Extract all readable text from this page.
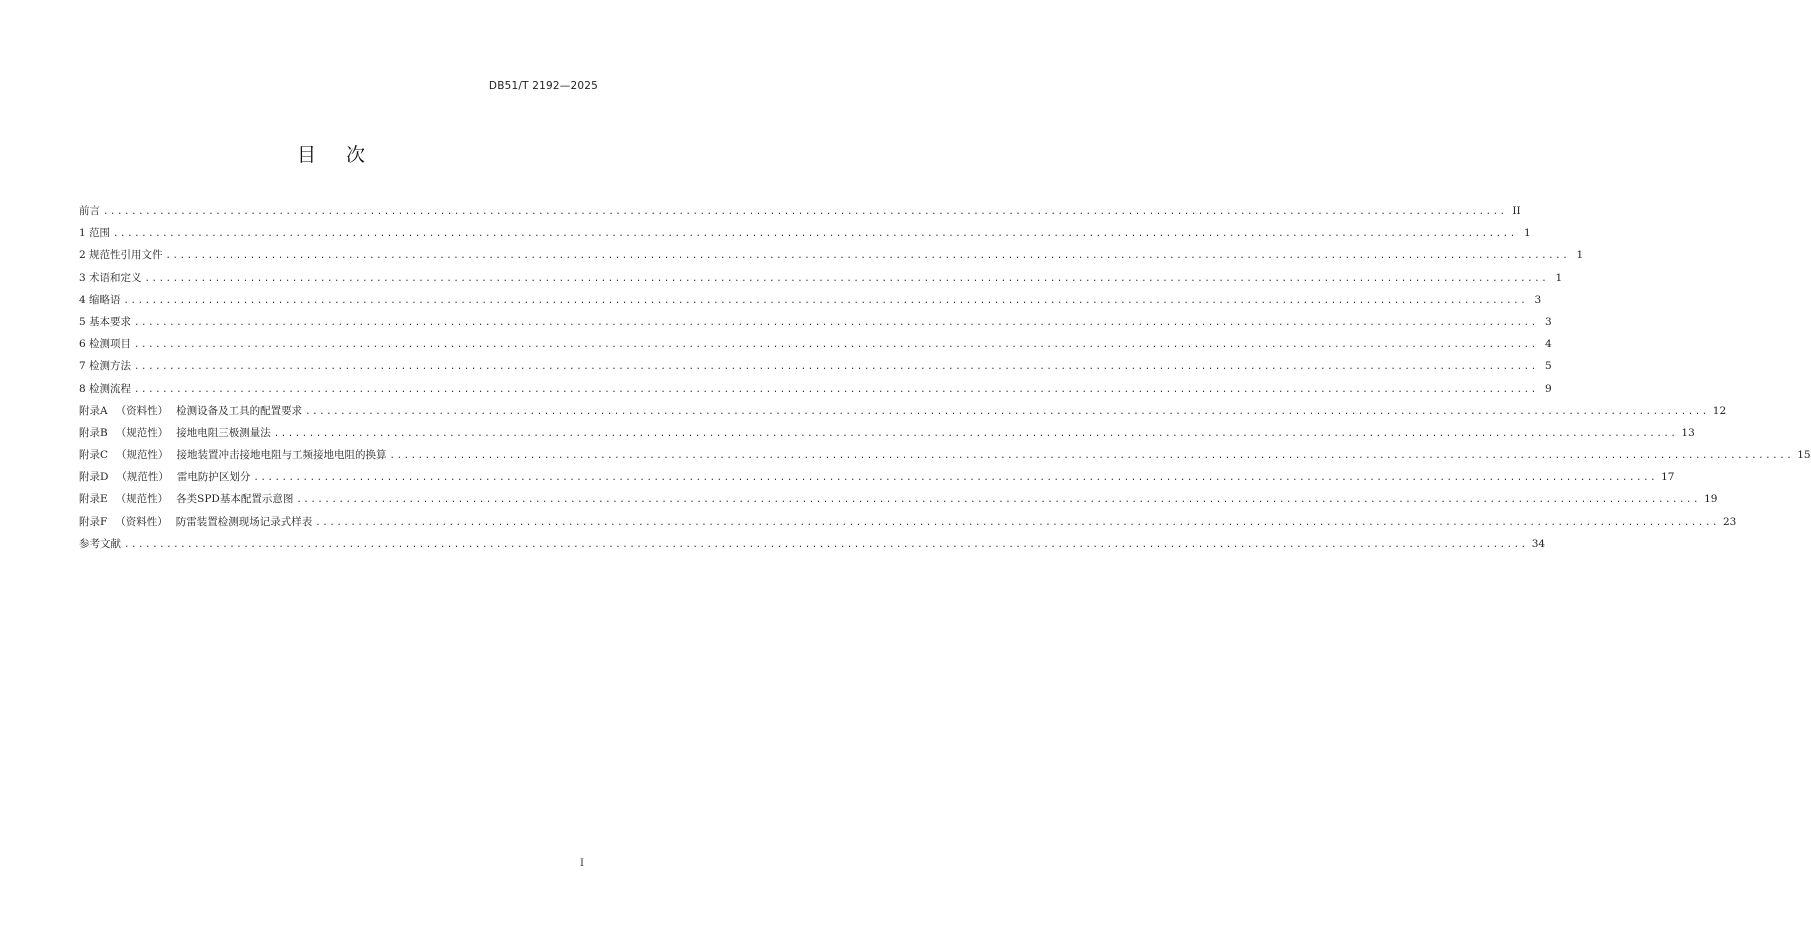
DB51/T 2192—2025
目次
前言 ........................................................................................................................................................................................................ II
1 范围 ........................................................................................................................................................................................................ 1
2 规范性引用文件 ........................................................................................................................................................................................................ 1
3 术语和定义 ........................................................................................................................................................................................................ 1
4 缩略语 ........................................................................................................................................................................................................ 3
5 基本要求 ........................................................................................................................................................................................................ 3
6 检测项目 ........................................................................................................................................................................................................ 4
7 检测方法 ........................................................................................................................................................................................................ 5
8 检测流程 ........................................................................................................................................................................................................ 9
附录A （资料性） 检测设备及工具的配置要求 ........................................................................................................................................................................................................ 12
附录B （规范性） 接地电阻三极测量法 ........................................................................................................................................................................................................ 13
附录C （规范性） 接地装置冲击接地电阻与工频接地电阻的换算 ........................................................................................................................................................................................................ 15
附录D （规范性） 雷电防护区划分 ........................................................................................................................................................................................................ 17
附录E （规范性） 各类SPD基本配置示意图 ........................................................................................................................................................................................................ 19
附录F （资料性） 防雷装置检测现场记录式样表 ........................................................................................................................................................................................................ 23
参考文献 ........................................................................................................................................................................................................ 34
I
